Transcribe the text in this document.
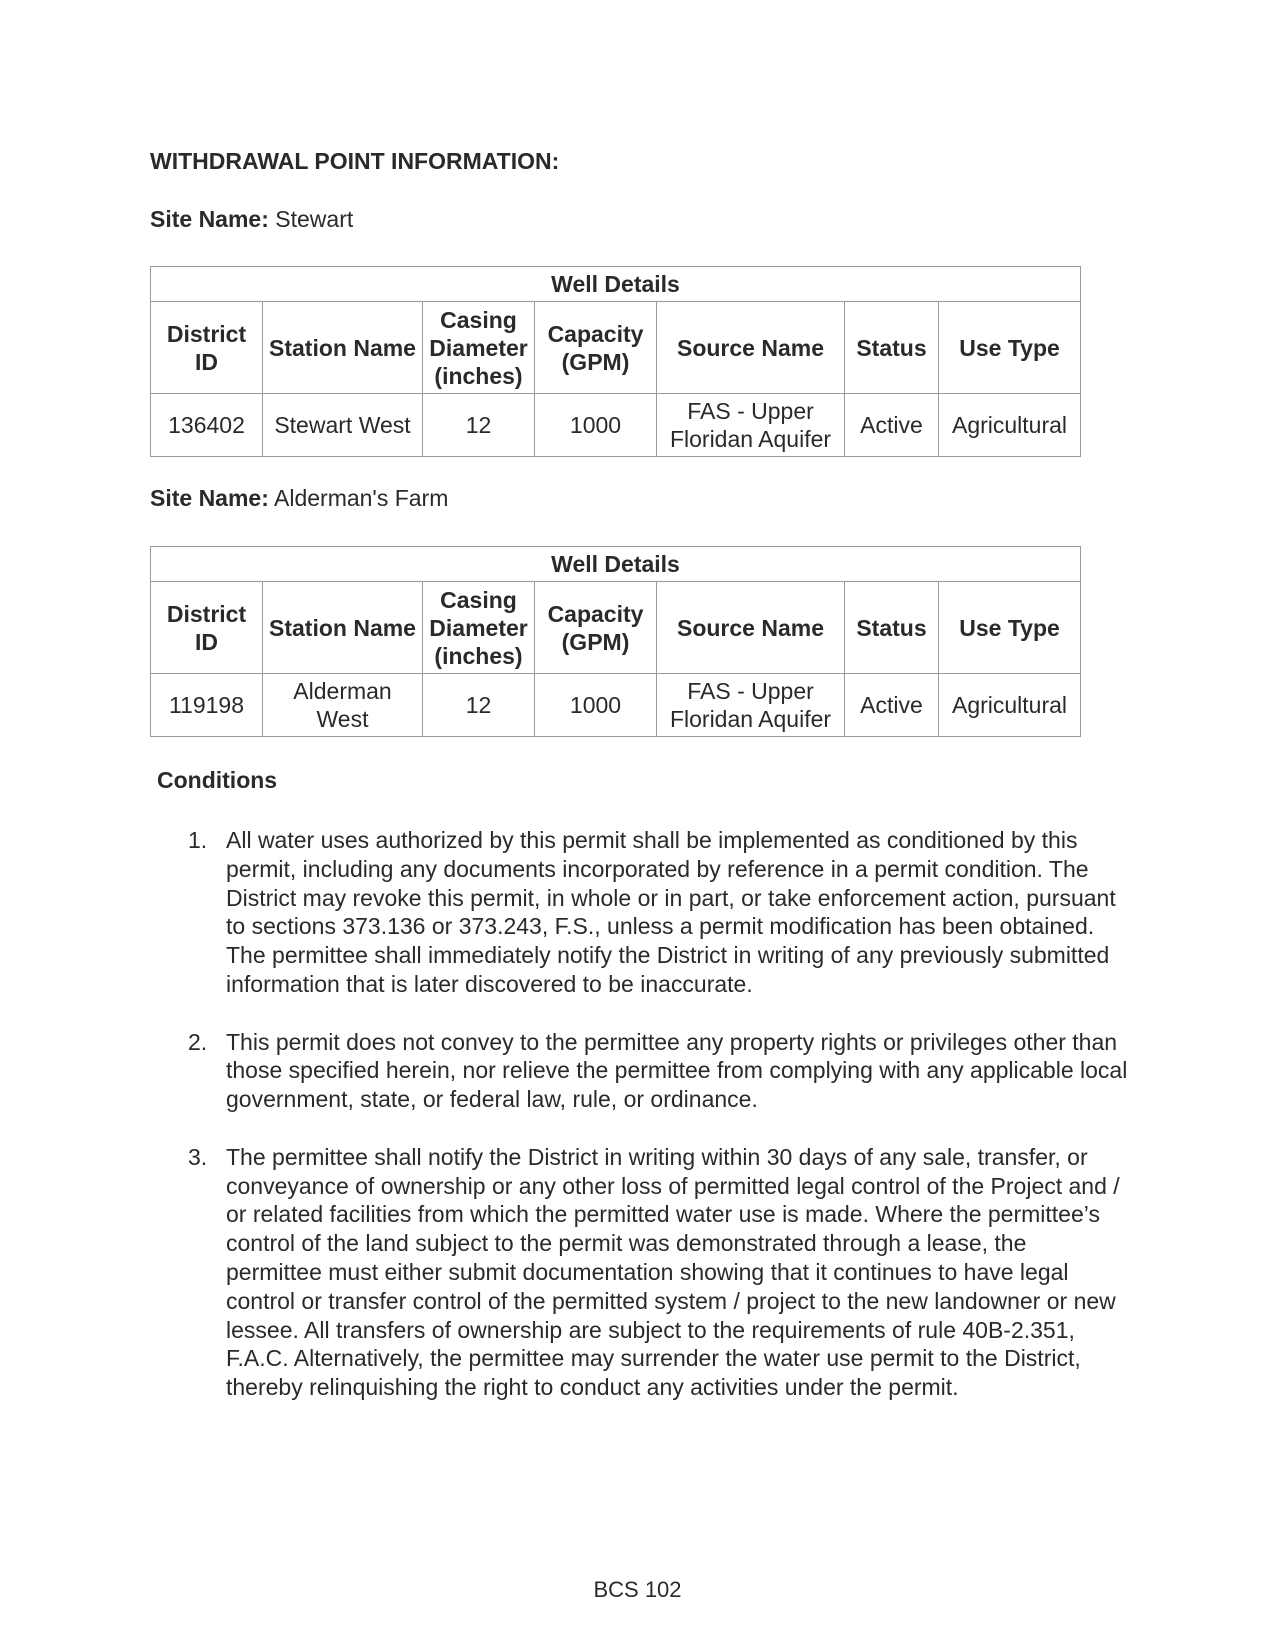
WITHDRAWAL POINT INFORMATION:

Site Name: Stewart

Well Details						
District ID	Station Name	Casing Diameter (inches)	Capacity (GPM)	Source Name	Status	Use Type
136402	Stewart West	12	1000	FAS - Upper Floridan Aquifer	Active	Agricultural

Site Name: Alderman's Farm

Well Details						
District ID	Station Name	Casing Diameter (inches)	Capacity (GPM)	Source Name	Status	Use Type
119198	Alderman West	12	1000	FAS - Upper Floridan Aquifer	Active	Agricultural
Conditions
1. All water uses authorized by this permit shall be implemented as conditioned by this permit, including any documents incorporated by reference in a permit condition. The District may revoke this permit, in whole or in part, or take enforcement action, pursuant to sections 373.136 or 373.243, F.S., unless a permit modification has been obtained. The permittee shall immediately notify the District in writing of any previously submitted information that is later discovered to be inaccurate.
2. This permit does not convey to the permittee any property rights or privileges other than those specified herein, nor relieve the permittee from complying with any applicable local government, state, or federal law, rule, or ordinance.
3. The permittee shall notify the District in writing within 30 days of any sale, transfer, or conveyance of ownership or any other loss of permitted legal control of the Project and / or related facilities from which the permitted water use is made. Where the permittee’s control of the land subject to the permit was demonstrated through a lease, the permittee must either submit documentation showing that it continues to have legal control or transfer control of the permitted system / project to the new landowner or new lessee. All transfers of ownership are subject to the requirements of rule 40B-2.351, F.A.C. Alternatively, the permittee may surrender the water use permit to the District, thereby relinquishing the right to conduct any activities under the permit.

BCS 102
